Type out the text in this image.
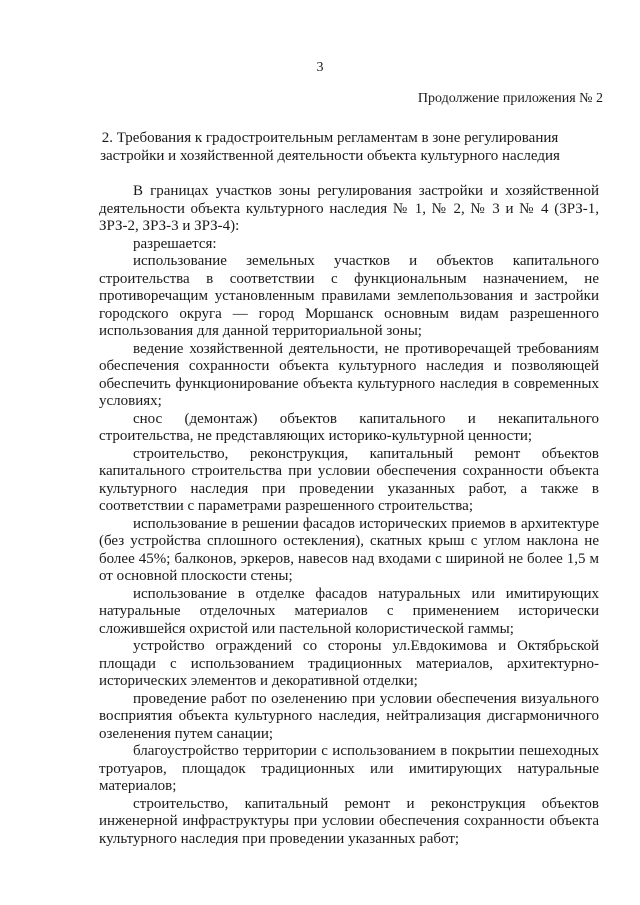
3
Продолжение приложения № 2
2. Требования к градостроительным регламентам в зоне регулирования застройки и хозяйственной деятельности объекта культурного наследия

В границах участков зоны регулирования застройки и хозяйственной деятельности объекта культурного наследия № 1, № 2, № 3 и № 4 (ЗРЗ-1, ЗРЗ-2, ЗРЗ-3 и ЗРЗ-4):

разрешается:

использование земельных участков и объектов капитального строительства в соответствии с функциональным назначением, не противоречащим установленным правилами землепользования и застройки городского округа — город Моршанск основным видам разрешенного использования для данной территориальной зоны;

ведение хозяйственной деятельности, не противоречащей требованиям обеспечения сохранности объекта культурного наследия и позволяющей обеспечить функционирование объекта культурного наследия в современных условиях;

снос (демонтаж) объектов капитального и некапитального строительства, не представляющих историко-культурной ценности;

строительство, реконструкция, капитальный ремонт объектов капитального строительства при условии обеспечения сохранности объекта культурного наследия при проведении указанных работ, а также в соответствии с параметрами разрешенного строительства;

использование в решении фасадов исторических приемов в архитектуре (без устройства сплошного остекления), скатных крыш с углом наклона не более 45%; балконов, эркеров, навесов над входами с шириной не более 1,5 м от основной плоскости стены;

использование в отделке фасадов натуральных или имитирующих натуральные отделочных материалов с применением исторически сложившейся охристой или пастельной колористической гаммы;

устройство ограждений со стороны ул.Евдокимова и Октябрьской площади с использованием традиционных материалов, архитектурно-исторических элементов и декоративной отделки;

проведение работ по озеленению при условии обеспечения визуального восприятия объекта культурного наследия, нейтрализация дисгармоничного озеленения путем санации;

благоустройство территории с использованием в покрытии пешеходных тротуаров, площадок традиционных или имитирующих натуральные материалов;

строительство, капитальный ремонт и реконструкция объектов инженерной инфраструктуры при условии обеспечения сохранности объекта культурного наследия при проведении указанных работ;
